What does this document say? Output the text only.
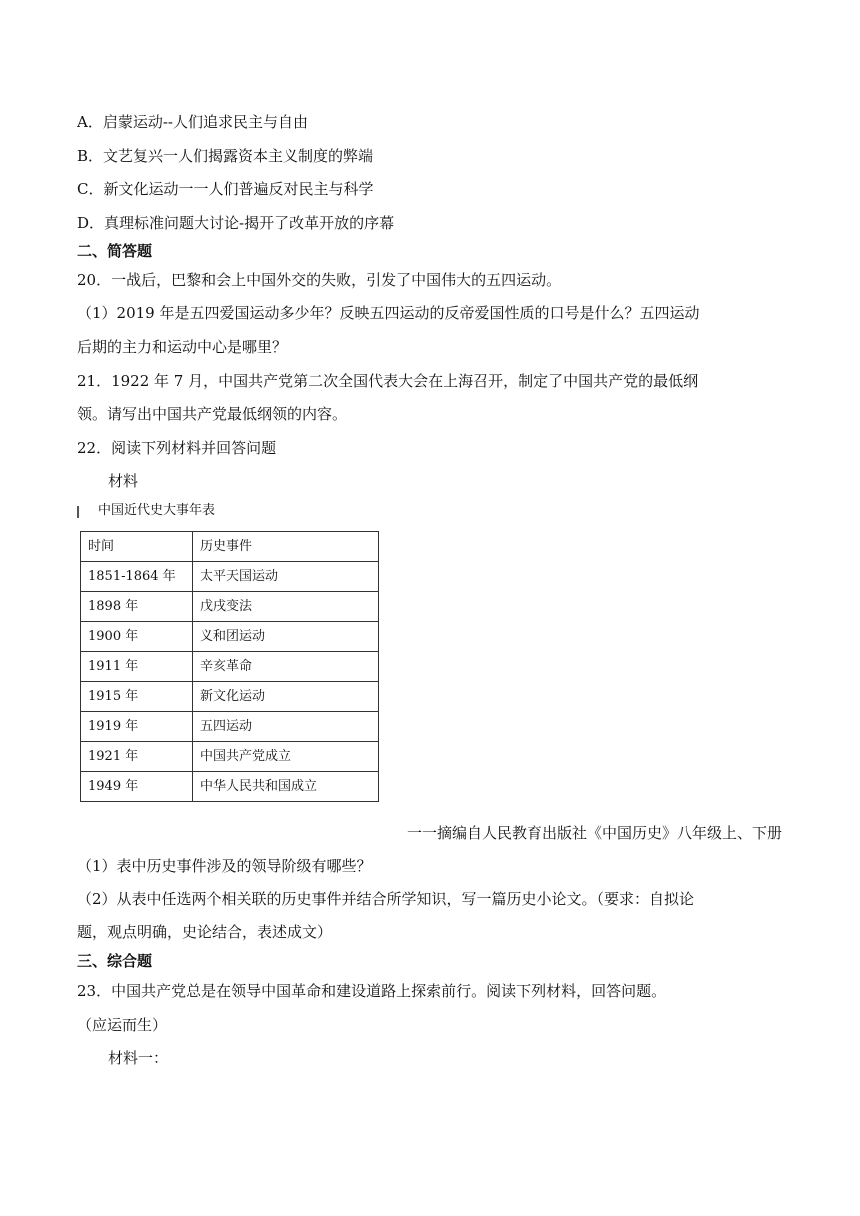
A．启蒙运动--人们追求民主与自由
B．文艺复兴一人们揭露资本主义制度的弊端
C．新文化运动一一人们普遍反对民主与科学
D．真理标准问题大讨论-揭开了改革开放的序幕
二、简答题
20．一战后，巴黎和会上中国外交的失败，引发了中国伟大的五四运动。
（1）2019 年是五四爱国运动多少年？反映五四运动的反帝爱国性质的口号是什么？五四运动
后期的主力和运动中心是哪里？
21．1922 年 7 月，中国共产党第二次全国代表大会在上海召开，制定了中国共产党的最低纲
领。请写出中国共产党最低纲领的内容。
22．阅读下列材料并回答问题
材料
中国近代史大事年表
时间	历史事件
1851-1864 年	太平天国运动
1898 年	戊戌变法
1900 年	义和团运动
1911 年	辛亥革命
1915 年	新文化运动
1919 年	五四运动
1921 年	中国共产党成立
1949 年	中华人民共和国成立
一一摘编自人民教育出版社《中国历史》八年级上、下册
（1）表中历史事件涉及的领导阶级有哪些？
（2）从表中任选两个相关联的历史事件并结合所学知识，写一篇历史小论文。（要求：自拟论
题，观点明确，史论结合，表述成文）
三、综合题
23．中国共产党总是在领导中国革命和建设道路上探索前行。阅读下列材料，回答问题。
（应运而生）
材料一：
